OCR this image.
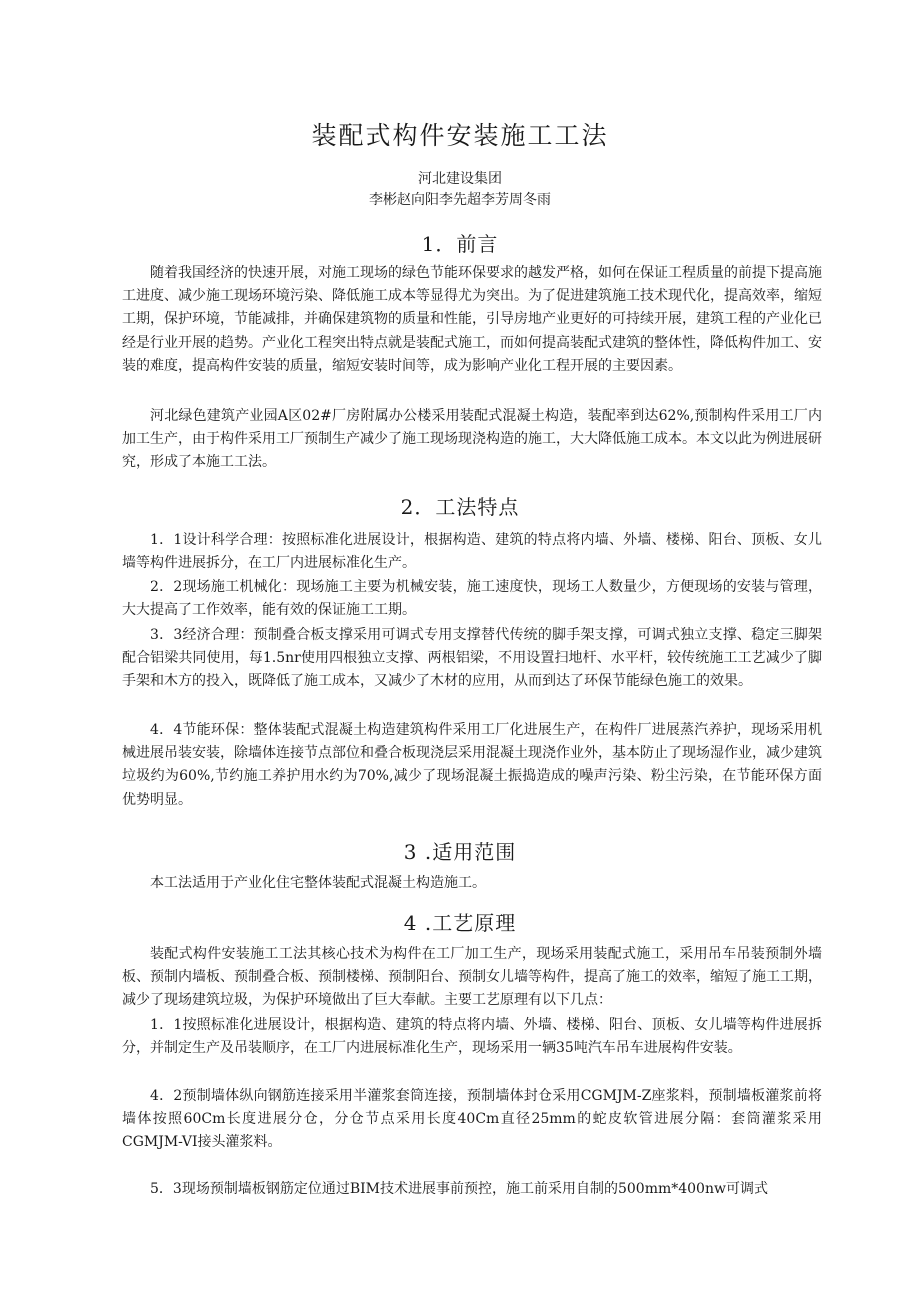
装配式构件安装施工工法
河北建设集团
李彬赵向阳李先超李芳周冬雨
1．前言
随着我国经济的快速开展，对施工现场的绿色节能环保要求的越发严格，如何在保证工程质量的前提下提高施工进度、减少施工现场环境污染、降低施工成本等显得尤为突出。为了促进建筑施工技术现代化，提高效率，缩短工期，保护环境，节能减排，并确保建筑物的质量和性能，引导房地产业更好的可持续开展，建筑工程的产业化已经是行业开展的趋势。产业化工程突出特点就是装配式施工，而如何提高装配式建筑的整体性，降低构件加工、安装的难度，提高构件安装的质量，缩短安装时间等，成为影响产业化工程开展的主要因素。
河北绿色建筑产业园A区02#厂房附属办公楼采用装配式混凝土构造，装配率到达62%,预制构件采用工厂内加工生产，由于构件采用工厂预制生产减少了施工现场现浇构造的施工，大大降低施工成本。本文以此为例进展研究，形成了本施工工法。
2．工法特点
1．1设计科学合理：按照标准化进展设计，根据构造、建筑的特点将内墙、外墙、楼梯、阳台、顶板、女儿墙等构件进展拆分，在工厂内进展标准化生产。
2．2现场施工机械化：现场施工主要为机械安装，施工速度快，现场工人数量少，方便现场的安装与管理，大大提高了工作效率，能有效的保证施工工期。
3．3经济合理：预制叠合板支撑采用可调式专用支撑替代传统的脚手架支撑，可调式独立支撑、稳定三脚架配合铝梁共同使用，每1.5nr使用四根独立支撑、两根铝梁，不用设置扫地杆、水平杆，较传统施工工艺减少了脚手架和木方的投入，既降低了施工成本，又减少了木材的应用，从而到达了环保节能绿色施工的效果。
4．4节能环保：整体装配式混凝土构造建筑构件采用工厂化进展生产，在构件厂进展蒸汽养护，现场采用机械进展吊装安装，除墙体连接节点部位和叠合板现浇层采用混凝土现浇作业外，基本防止了现场湿作业，减少建筑垃圾约为60%,节约施工养护用水约为70%,减少了现场混凝土振捣造成的噪声污染、粉尘污染，在节能环保方面优势明显。
3 .适用范围
本工法适用于产业化住宅整体装配式混凝土构造施工。
4 .工艺原理
装配式构件安装施工工法其核心技术为构件在工厂加工生产，现场采用装配式施工，采用吊车吊装预制外墙板、预制内墙板、预制叠合板、预制楼梯、预制阳台、预制女儿墙等构件，提高了施工的效率，缩短了施工工期，减少了现场建筑垃圾，为保护环境做出了巨大奉献。主要工艺原理有以下几点：
1．1按照标准化进展设计，根据构造、建筑的特点将内墙、外墙、楼梯、阳台、顶板、女儿墙等构件进展拆分，并制定生产及吊装顺序，在工厂内进展标准化生产，现场采用一辆35吨汽车吊车进展构件安装。
4．2预制墙体纵向钢筋连接采用半灌浆套筒连接，预制墙体封仓采用CGMJM-Z座浆料，预制墙板灌浆前将墙体按照60Cm长度进展分仓，分仓节点采用长度40Cm直径25mm的蛇皮软管进展分隔：套筒灌浆采用CGMJM-VI接头灌浆料。
5．3现场预制墙板钢筋定位通过BIM技术进展事前预控，施工前采用自制的500mm*400nw可调式
